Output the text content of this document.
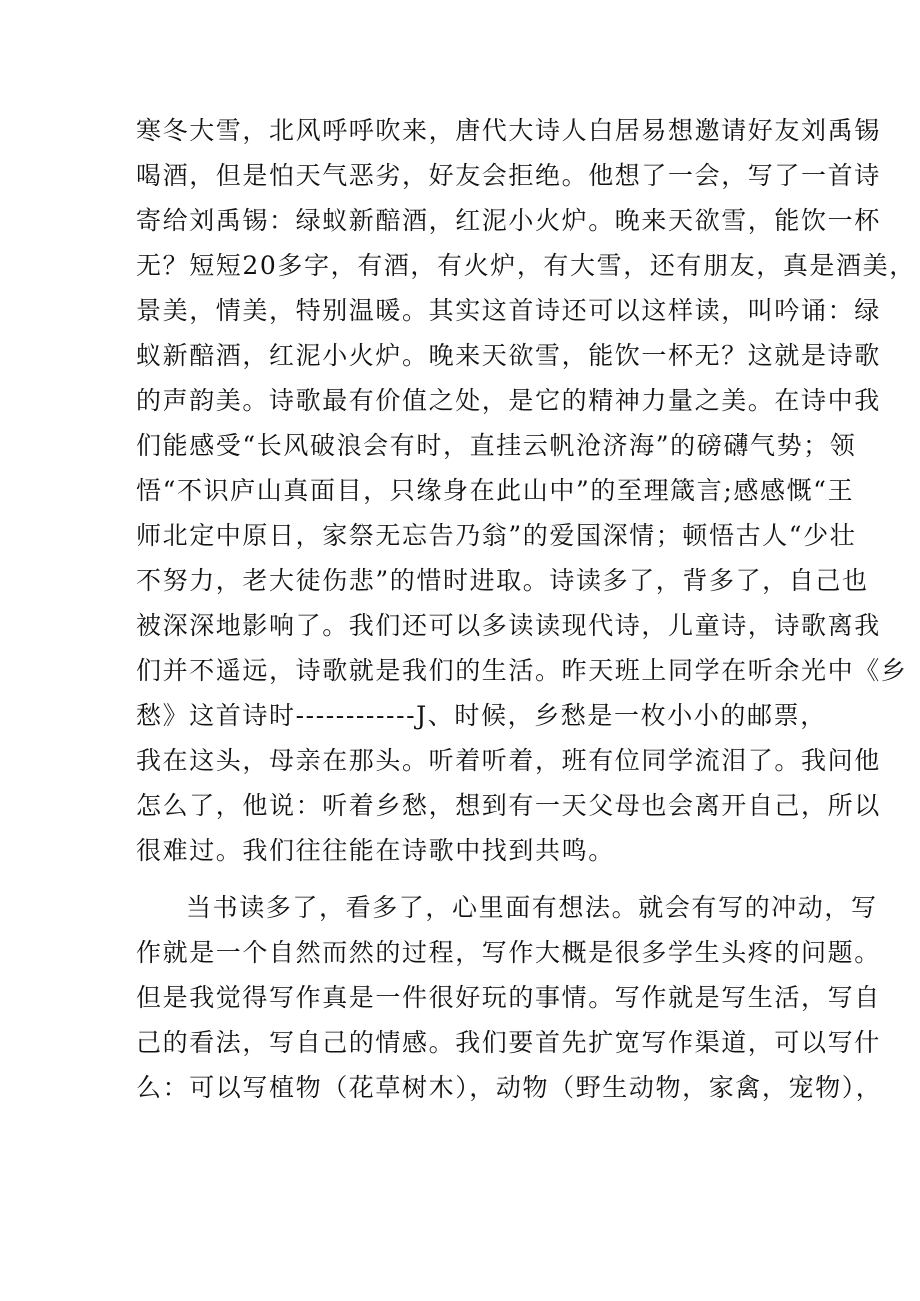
寒冬大雪，北风呼呼吹来，唐代大诗人白居易想邀请好友刘禹锡
喝酒，但是怕天气恶劣，好友会拒绝。他想了一会，写了一首诗
寄给刘禹锡：绿蚁新醅酒，红泥小火炉。晚来天欲雪，能饮一杯
无？短短20多字，有酒，有火炉，有大雪，还有朋友，真是酒美，
景美，情美，特别温暖。其实这首诗还可以这样读，叫吟诵：绿
蚁新醅酒，红泥小火炉。晚来天欲雪，能饮一杯无？这就是诗歌
的声韵美。诗歌最有价值之处，是它的精神力量之美。在诗中我
们能感受“长风破浪会有时，直挂云帆沧济海”的磅礴气势；领
悟“不识庐山真面目，只缘身在此山中”的至理箴言;感感慨“王
师北定中原日，家祭无忘告乃翁”的爱国深情；顿悟古人“少壮
不努力，老大徒伤悲”的惜时进取。诗读多了，背多了，自己也
被深深地影响了。我们还可以多读读现代诗，儿童诗，诗歌离我
们并不遥远，诗歌就是我们的生活。昨天班上同学在听余光中《乡
愁》这首诗时------------J、时候，乡愁是一枚小小的邮票，
我在这头，母亲在那头。听着听着，班有位同学流泪了。我问他
怎么了，他说：听着乡愁，想到有一天父母也会离开自己，所以
很难过。我们往往能在诗歌中找到共鸣。
当书读多了，看多了，心里面有想法。就会有写的冲动，写
作就是一个自然而然的过程，写作大概是很多学生头疼的问题。
但是我觉得写作真是一件很好玩的事情。写作就是写生活，写自
己的看法，写自己的情感。我们要首先扩宽写作渠道，可以写什
么：可以写植物（花草树木），动物（野生动物，家禽，宠物），
